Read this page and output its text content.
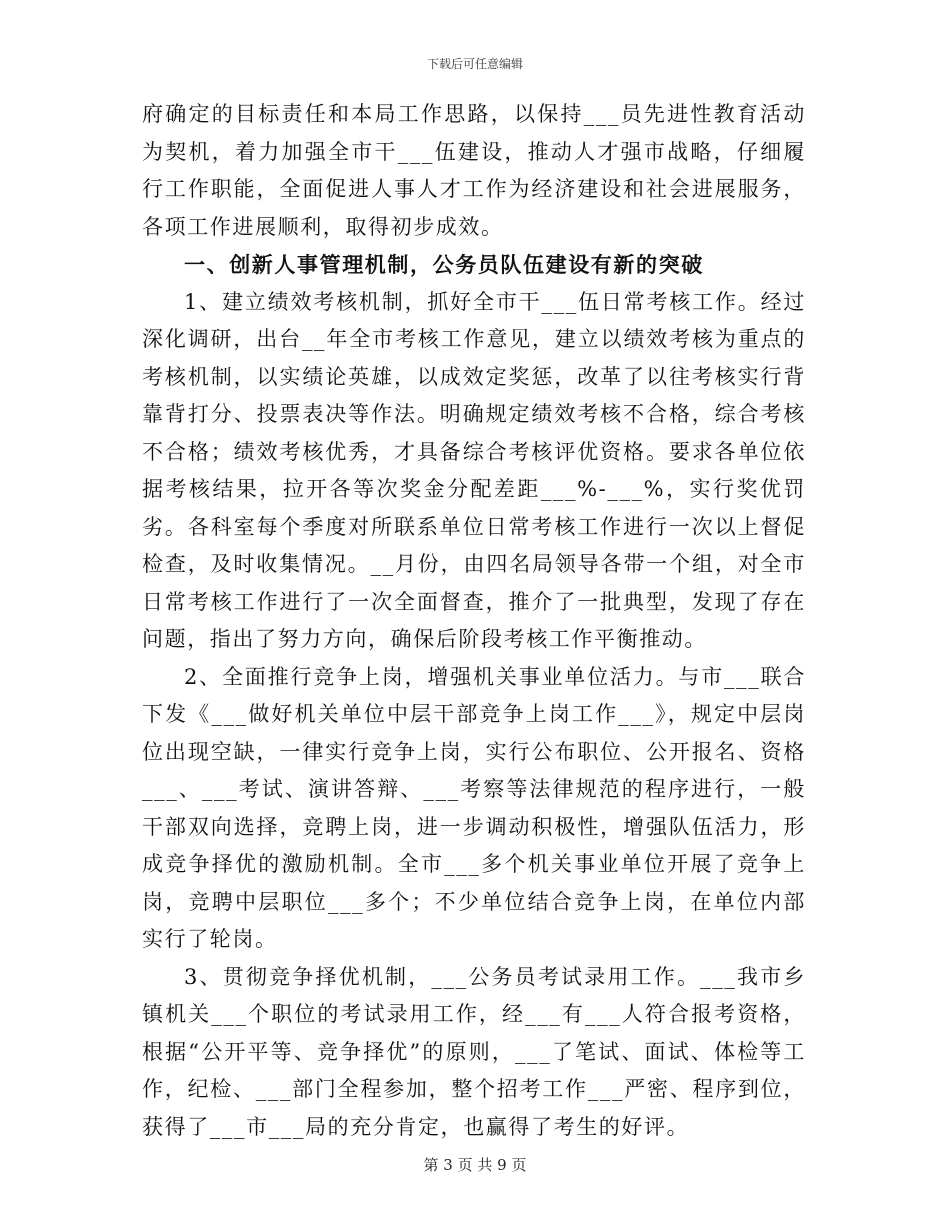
下载后可任意编辑

府确定的目标责任和本局工作思路，以保持___员先进性教育活动为契机，着力加强全市干___伍建设，推动人才强市战略，仔细履行工作职能，全面促进人事人才工作为经济建设和社会进展服务，各项工作进展顺利，取得初步成效。

一、创新人事管理机制，公务员队伍建设有新的突破

1、建立绩效考核机制，抓好全市干___伍日常考核工作。经过深化调研，出台__年全市考核工作意见，建立以绩效考核为重点的考核机制，以实绩论英雄，以成效定奖惩，改革了以往考核实行背靠背打分、投票表决等作法。明确规定绩效考核不合格，综合考核不合格；绩效考核优秀，才具备综合考核评优资格。要求各单位依据考核结果，拉开各等次奖金分配差距___%-___%，实行奖优罚劣。各科室每个季度对所联系单位日常考核工作进行一次以上督促检查，及时收集情况。__月份，由四名局领导各带一个组，对全市日常考核工作进行了一次全面督查，推介了一批典型，发现了存在问题，指出了努力方向，确保后阶段考核工作平衡推动。

2、全面推行竞争上岗，增强机关事业单位活力。与市___联合下发《___做好机关单位中层干部竞争上岗工作___》，规定中层岗位出现空缺，一律实行竞争上岗，实行公布职位、公开报名、资格___、___考试、演讲答辩、___考察等法律规范的程序进行，一般干部双向选择，竞聘上岗，进一步调动积极性，增强队伍活力，形成竞争择优的激励机制。全市___多个机关事业单位开展了竞争上岗，竞聘中层职位___多个；不少单位结合竞争上岗，在单位内部实行了轮岗。

3、贯彻竞争择优机制，___公务员考试录用工作。___我市乡镇机关___个职位的考试录用工作，经___有___人符合报考资格，根据“公开平等、竞争择优”的原则，___了笔试、面试、体检等工作，纪检、___部门全程参加，整个招考工作___严密、程序到位，获得了___市___局的充分肯定，也赢得了考生的好评。

第 3 页 共 9 页
